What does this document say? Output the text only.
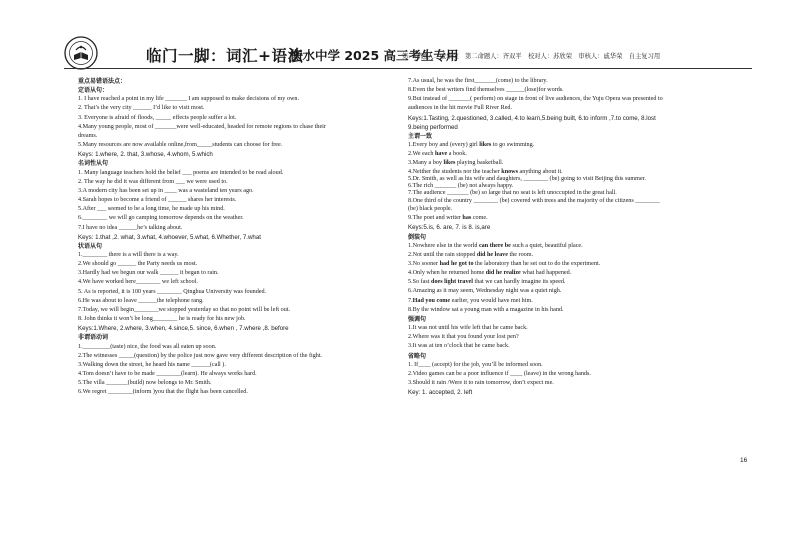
临门一脚：词汇+语法
衡水中学 2025 高三考生专用
第一命题人：戚华荣　第二命题人：齐双平　校对人：苏欣荣　审核人：戚华荣　自主复习用

重点易错语法点：

定语从句：

1. I have reached a point in my life _______ I am supposed to make decisions of my own.

2. That’s the very city ______ I’d like to visit most.

3. Everyone is afraid of floods, _____ effects people suffer a lot.

4.Many young people, most of _______were well-educated, headed for remote regions to chase their

dreams.

5.Many resources are now available online,from_____students can choose for free.

Keys: 1.where, 2. that, 3.whose, 4.whom, 5.which

名词性从句

1. Many language teachers hold the belief ___ poems are intended to be read aloud.

2. The way he did it was different from ___ we were used to.

3.A modern city has been set up in ____ was a wasteland ten years ago.

4.Sarah hopes to become a friend of ______ shares her interests.

5.After ___ seemed to be a long time, he made up his mind.

6.________ we will go camping tomorrow depends on the weather.

7.I have no idea ______he’s talking about.

Keys: 1.that ,2. what, 3.what, 4.whoever, 5.what, 6.Whether, 7.what

状语从句

1.________ there is a will there is a way.

2.We should go ______ the Party needs us most.

3.Hardly had we begun our walk ______ it began to rain.

4.We have worked here________ we left school.

5. As is reported, it is 100 years ________ Qinghua University was founded.

6.He was about to leave ______the telephone rang.

7.Today, we will begin________we stopped yesterday so that no point will be left out.

8. John thinks it won’t be long________ he is ready for his new job.

Keys:1.Where, 2.where, 3.when, 4.since,5. since, 6.when , 7.where ,8. before

非谓语动词

1._________(taste) nice, the food was all eaten up soon.

2.The witnesses _____(question) by the police just now gave very different description of the fight.

3.Walking down the street, he heard his name ______(call ).

4.Tom doesn’t have to be made ________(learn). He always works hard.

5.The villa _______(build) now belongs to Mr. Smith.

6.We regret ________(inform )you that the flight has been cancelled.

7.As usual, he was the first_______(come) to the library.

8.Even the best writers find themselves ______(lose)for words.

9.But instead of _______( perform) on stage in front of live audiences, the Yuju Opera was presented to

audiences in the hit movie Full River Red.

Keys:1.Tasting, 2.questioned, 3.called, 4.to learn,5.being built, 6.to inform ,7.to come, 8.lost

9.being performed

主谓一致

1.Every boy and (every) girl likes to go swimming.

2.We each have a book.

3.Many a boy likes playing basketball.

4.Neither the students nor the teacher knows anything about it.

5.Dr. Smith, as well as his wife and daughters, ________ (be) going to visit Beijing this summer.

6.The rich _______ (be) not always happy.

7.The audience _______ (be) so large that no seat is left unoccupied in the great hall.

8.One third of the country ________ (be) covered with trees and the majority of the citizens ________

(be) black people.

9.The poet and writer has come.

Keys:5.is, 6. are, 7. is 8. is,are

倒装句

1.Nowhere else in the world can there be such a quiet, beautiful place.

2.Not until the rain stopped did he leave the room.

3.No sooner had he got to the laboratory than he set out to do the experiment.

4.Only when he returned home did he realize what had happened.

5.So fast does light travel that we can hardly imagine its speed.

6.Amazing as it may seem, Wednesday night was a quiet nigh.

7.Had you come earlier, you would have met him.

8.By the window sat a young man with a magazine in his hand.

强调句

1.It was not until his wife left that he came back.

2.Where was it that you found your lost pen?

3.It was at ten o’clock that he came back.

省略句

1. If____ (accept) for the job, you’ll be informed soon.

2.Video games can be a poor influence if ____ (leave) in the wrong hands.

3.Should it rain /Were it to rain tomorrow, don’t expect me.

Key: 1. accepted, 2. left

16
